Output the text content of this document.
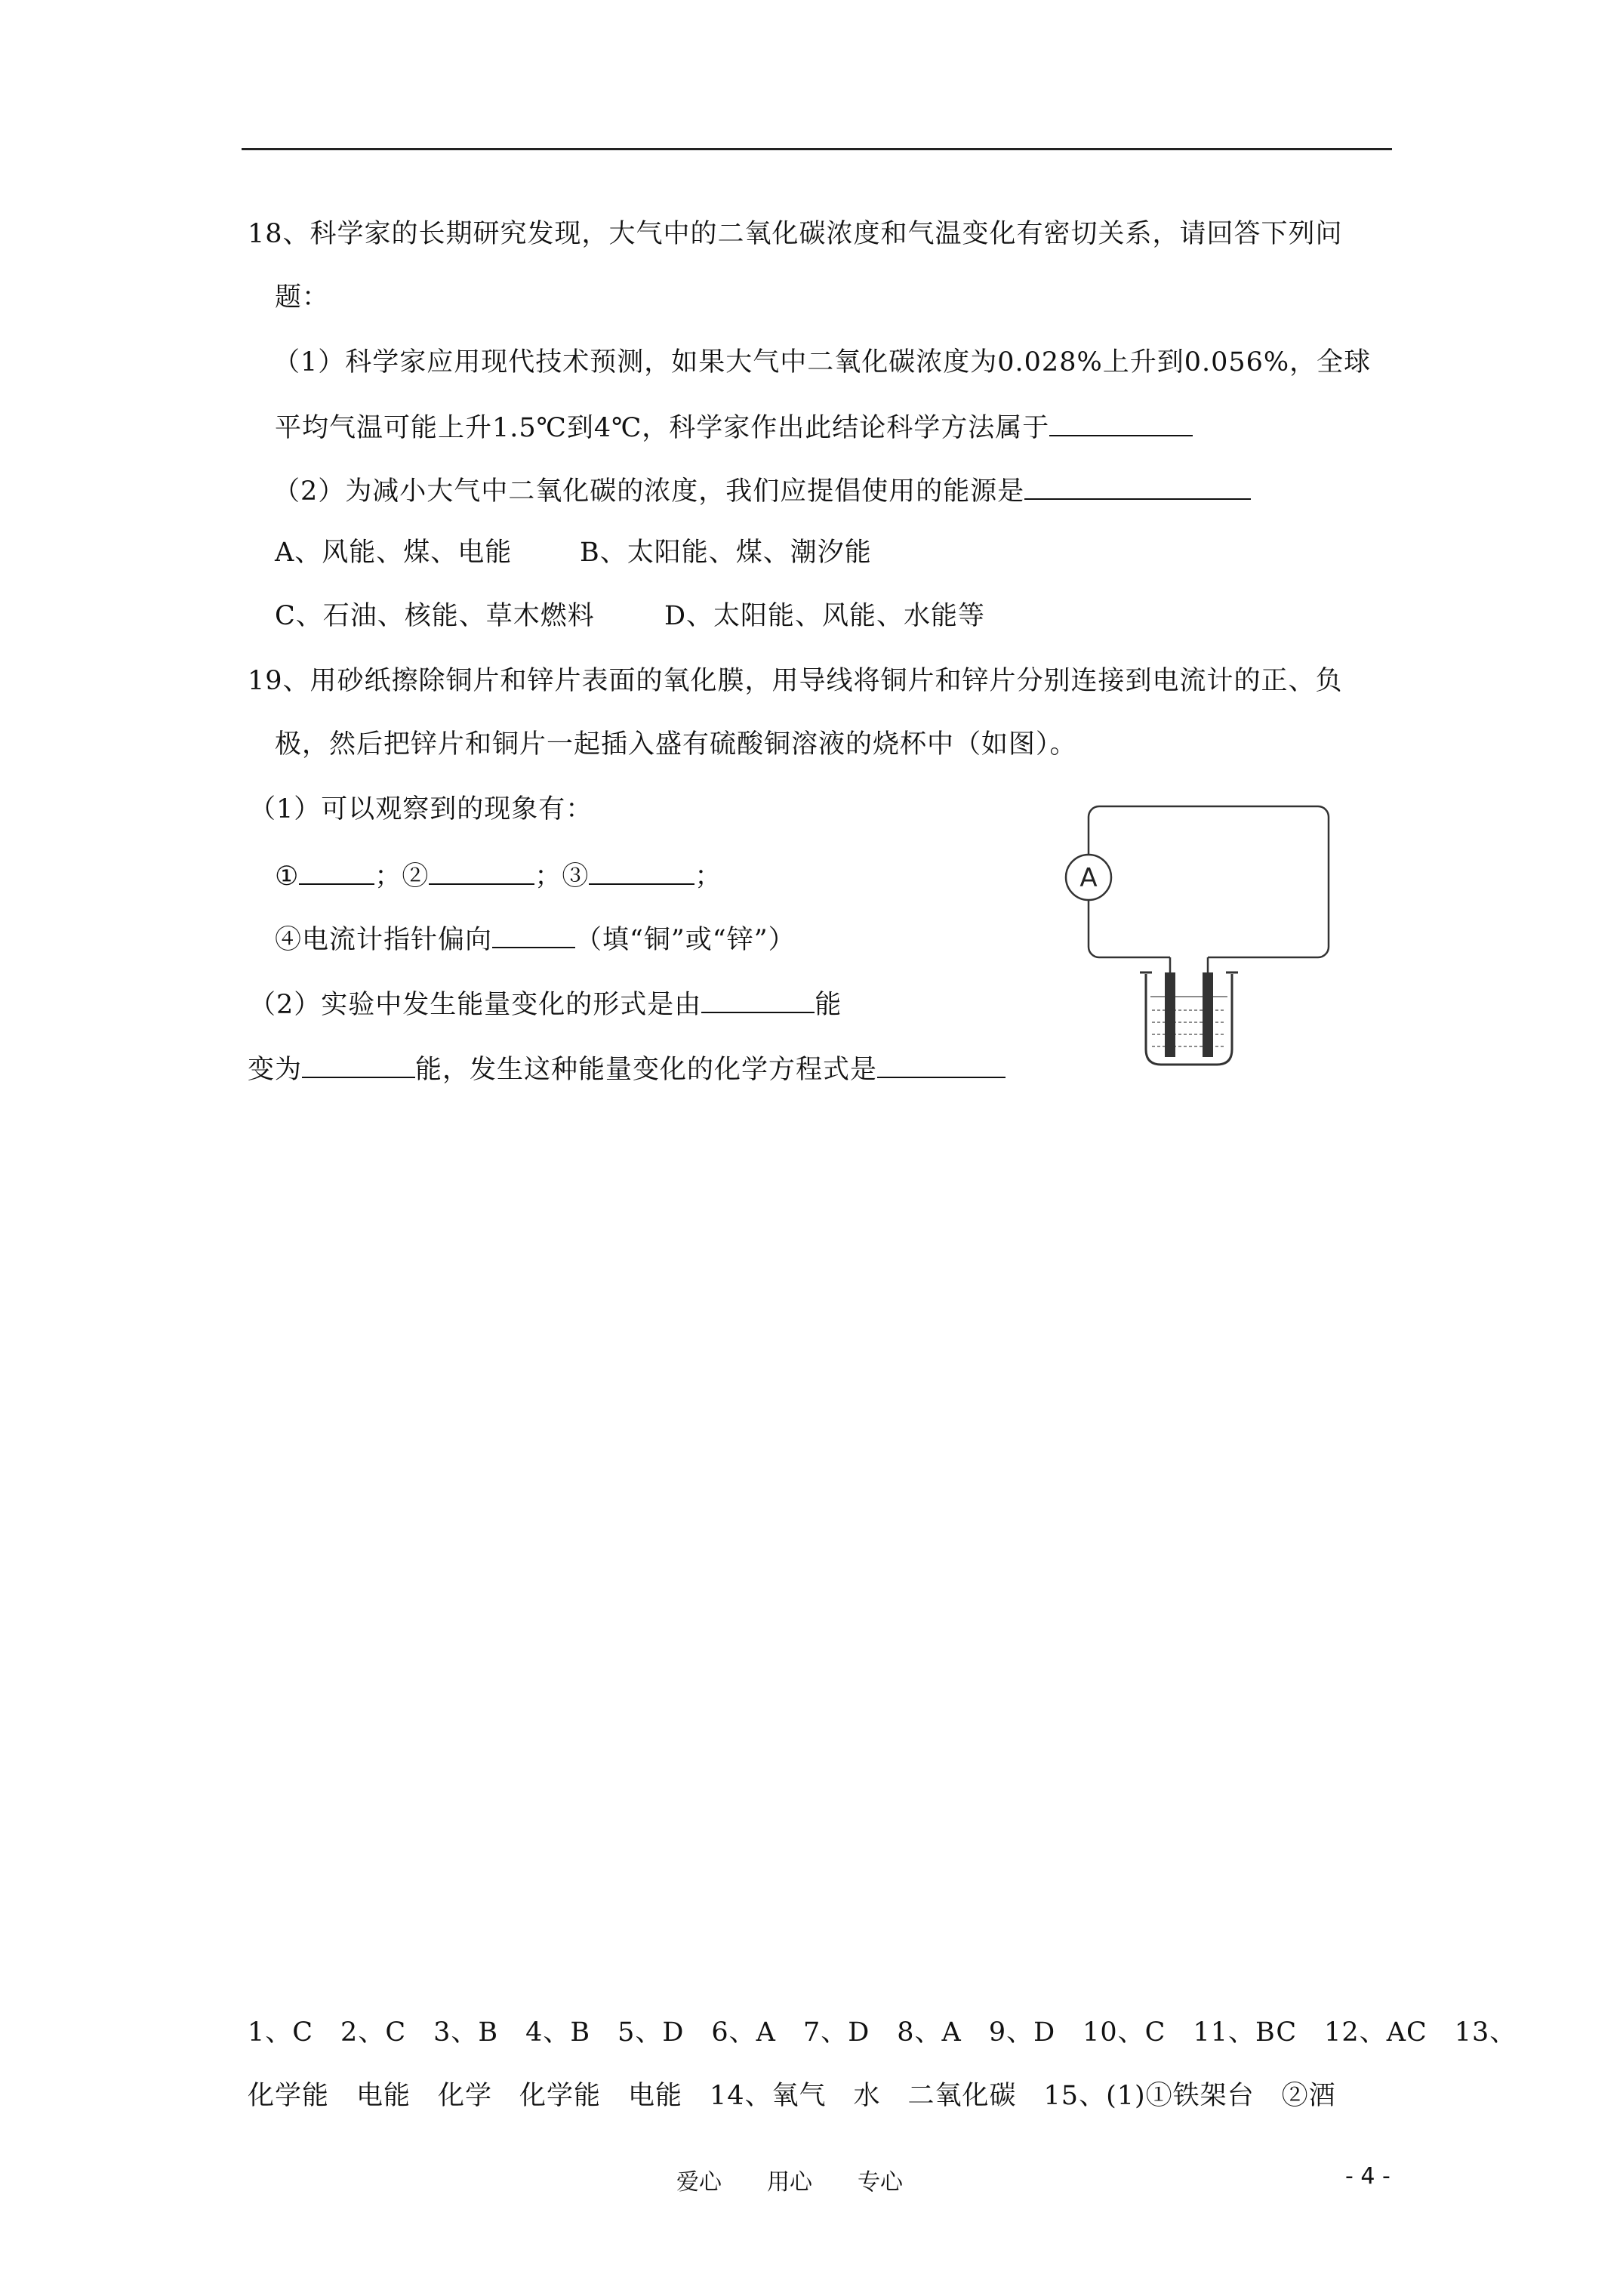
18、科学家的长期研究发现，大气中的二氧化碳浓度和气温变化有密切关系，请回答下列问
题：
（1）科学家应用现代技术预测，如果大气中二氧化碳浓度为0.028%上升到0.056%，全球
平均气温可能上升1.5℃到4℃，科学家作出此结论科学方法属于
（2）为减小大气中二氧化碳的浓度，我们应提倡使用的能源是
A、风能、煤、电能	B、太阳能、煤、潮汐能
C、石油、核能、草木燃料	D、太阳能、风能、水能等
19、用砂纸擦除铜片和锌片表面的氧化膜，用导线将铜片和锌片分别连接到电流计的正、负
极，然后把锌片和铜片一起插入盛有硫酸铜溶液的烧杯中（如图）。
（1）可以观察到的现象有：
①	；②	；③	；
④电流计指针偏向	（填“铜”或“锌”）
（2）实验中发生能量变化的形式是由	能
变为	能，发生这种能量变化的化学方程式是
A
1、C　2、C　3、B　4、B　5、D　6、A　7、D　8、A　9、D　10、C　11、BC　12、AC　13、
化学能　电能　化学　化学能　电能　14、氧气　水　二氧化碳　15、(1)①铁架台　②酒
爱心　　用心　　专心	- 4 -
